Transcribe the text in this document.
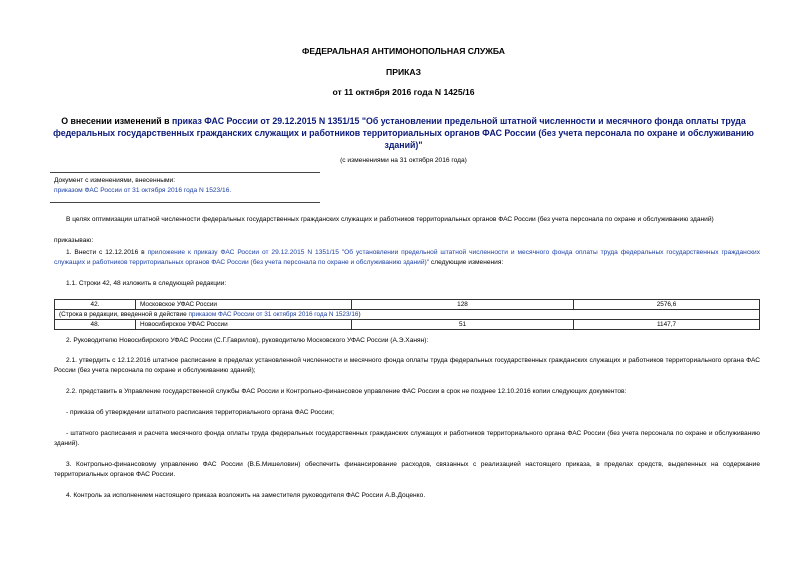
ФЕДЕРАЛЬНАЯ АНТИМОНОПОЛЬНАЯ СЛУЖБА
ПРИКАЗ
от 11 октября 2016 года N 1425/16
О внесении изменений в приказ ФАС России от 29.12.2015 N 1351/15 "Об установлении предельной штатной численности и месячного фонда оплаты труда федеральных государственных гражданских служащих и работников территориальных органов ФАС России (без учета персонала по охране и обслуживанию зданий)"
(с изменениями на 31 октября 2016 года)
Документ с изменениями, внесенными:
приказом ФАС России от 31 октября 2016 года N 1523/16.
В целях оптимизации штатной численности федеральных государственных гражданских служащих и работников территориальных органов ФАС России (без учета персонала по охране и обслуживанию зданий)
приказываю:
1. Внести с 12.12.2016 в приложение к приказу ФАС России от 29.12.2015 N 1351/15 "Об установлении предельной штатной численности и месячного фонда оплаты труда федеральных государственных гражданских служащих и работников территориальных органов ФАС России (без учета персонала по охране и обслуживанию зданий)" следующие изменения:
1.1. Строки 42, 48 изложить в следующей редакции:
42.	Московское УФАС России	128	2576,6
(Строка в редакции, введенной в действие приказом ФАС России от 31 октября 2016 года N 1523/16)			
48.	Новосибирское УФАС России	51	1147,7
2. Руководителю Новосибирского УФАС России (С.Г.Гаврилов), руководителю Московского УФАС России (А.Э.Ханян):
2.1. утвердить с 12.12.2016 штатное расписание в пределах установленной численности и месячного фонда оплаты труда федеральных государственных гражданских служащих и работников территориального органа ФАС России (без учета персонала по охране и обслуживанию зданий);
2.2. представить в Управление государственной службы ФАС России и Контрольно-финансовое управление ФАС России в срок не позднее 12.10.2016 копии следующих документов:
- приказа об утверждении штатного расписания территориального органа ФАС России;
- штатного расписания и расчета месячного фонда оплаты труда федеральных государственных гражданских служащих и работников территориального органа ФАС России (без учета персонала по охране и обслуживанию зданий).
3. Контрольно-финансовому управлению ФАС России (В.Б.Мишеловин) обеспечить финансирование расходов, связанных с реализацией настоящего приказа, в пределах средств, выделенных на содержание территориальных органов ФАС России.
4. Контроль за исполнением настоящего приказа возложить на заместителя руководителя ФАС России А.В.Доценко.
